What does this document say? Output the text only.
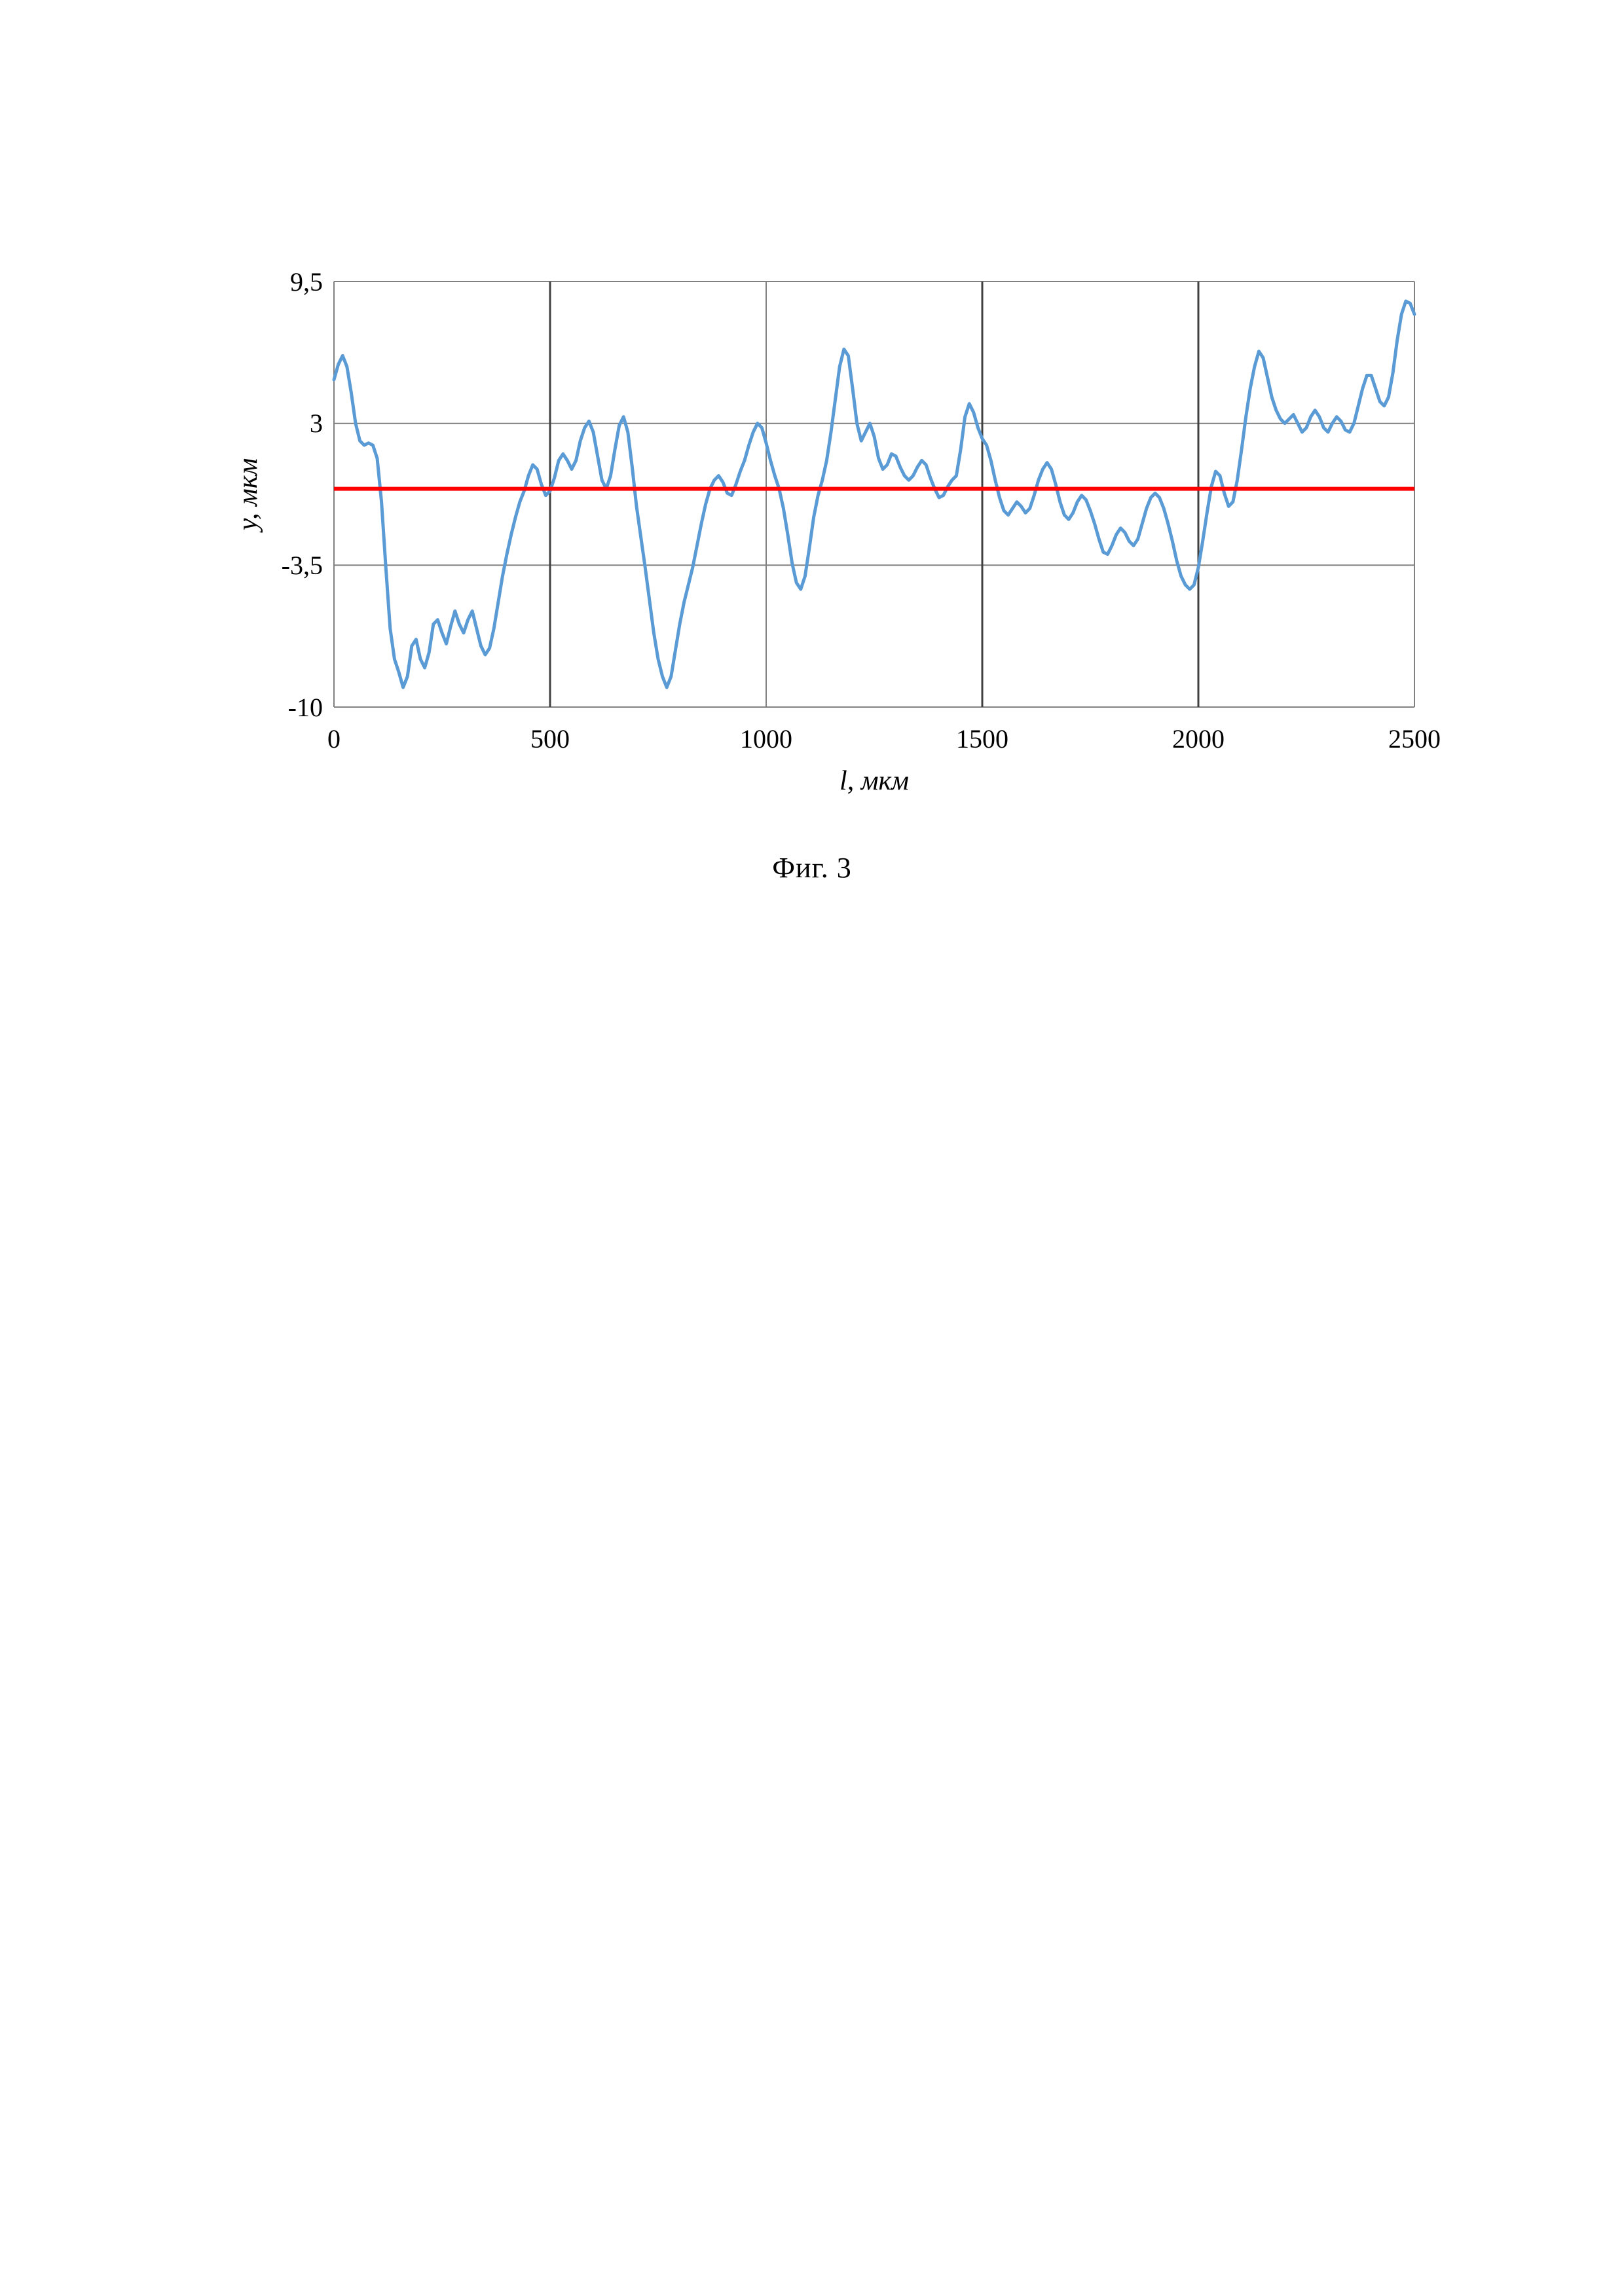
9,5
3
-3,5
-10
0	500	1000	1500	2000	2500
l, мкм
y, мкм
Фиг. 3
